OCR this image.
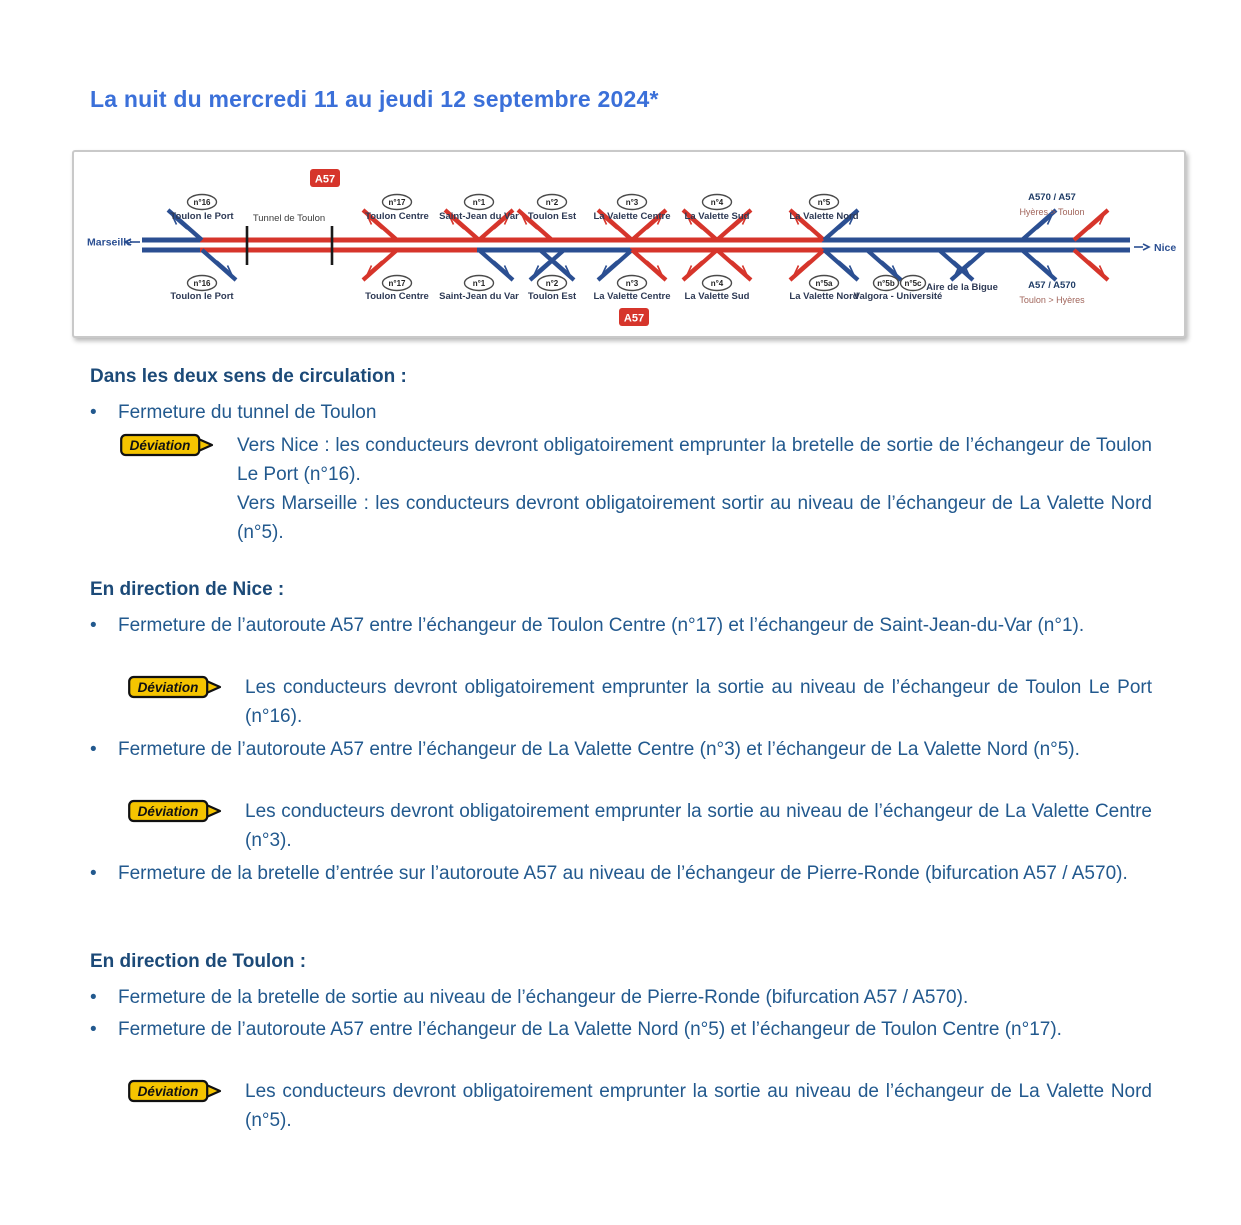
La nuit du mercredi 11 au jeudi 12 septembre 2024*
Tunnel de Toulon
A57
A57
Marseille	Nice
n°16
Toulon le Port
n°17
Toulon Centre
n°1
Saint-Jean du Var
n°2
Toulon Est
n°3
La Valette Centre
n°4
La Valette Sud
n°5
La Valette Nord
A570 / A57
Hyères > Toulon
n°16
Toulon le Port
n°17
Toulon Centre
n°1
Saint-Jean du Var
n°2
Toulon Est
n°3
La Valette Centre
n°4
La Valette Sud
n°5a
La Valette Nord
n°5b n°5c
Valgora - Université
Aire de la Bigue	A57 / A570
Toulon > Hyères
Dans les deux sens de circulation :
•	Fermeture du tunnel de Toulon
Déviation Vers Nice : les conducteurs devront obligatoirement emprunter la bretelle de sortie de l’échangeur de Toulon Le Port (n°16).

Vers Marseille : les conducteurs devront obligatoirement sortir au niveau de l’échangeur de La Valette Nord (n°5).

En direction de Nice :
•	Fermeture de l’autoroute A57 entre l’échangeur de Toulon Centre (n°17) et l’échangeur de Saint-Jean-du-Var (n°1).
Déviation Les conducteurs devront obligatoirement emprunter la sortie au niveau de l’échangeur de Toulon Le Port (n°16).

•	Fermeture de l’autoroute A57 entre l’échangeur de La Valette Centre (n°3) et l’échangeur de La Valette Nord (n°5).
Déviation Les conducteurs devront obligatoirement emprunter la sortie au niveau de l’échangeur de La Valette Centre (n°3).

•	Fermeture de la bretelle d’entrée sur l’autoroute A57 au niveau de l’échangeur de Pierre-Ronde (bifurcation A57 / A570).
En direction de Toulon :
•	Fermeture de la bretelle de sortie au niveau de l’échangeur de Pierre-Ronde (bifurcation A57 / A570).
•	Fermeture de l’autoroute A57 entre l’échangeur de La Valette Nord (n°5) et l’échangeur de Toulon Centre (n°17).
Déviation Les conducteurs devront obligatoirement emprunter la sortie au niveau de l’échangeur de La Valette Nord (n°5).
